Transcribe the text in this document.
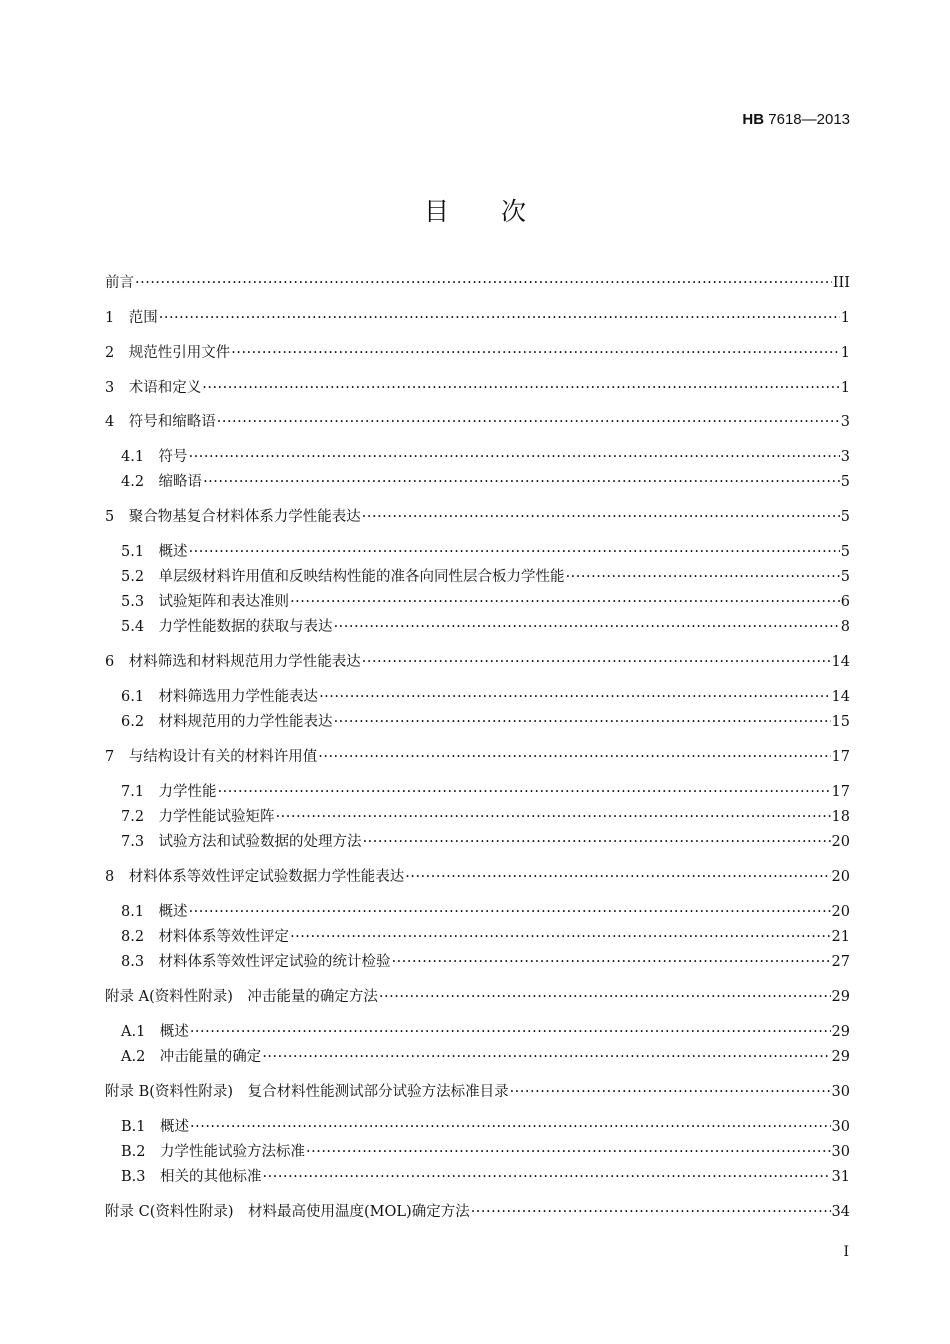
HB 7618—2013
目次
前言 ·····	III
1　范围 ·····	1
2　规范性引用文件 ·····	1
3　术语和定义 ·····	1
4　符号和缩略语 ·····	3
4.1　符号 ·····	3
4.2　缩略语 ·····	5
5　聚合物基复合材料体系力学性能表达 ·····	5
5.1　概述 ·····	5
5.2　单层级材料许用值和反映结构性能的准各向同性层合板力学性能 ·····	5
5.3　试验矩阵和表达准则 ·····	6
5.4　力学性能数据的获取与表达 ·····	8
6　材料筛选和材料规范用力学性能表达 ·····	14
6.1　材料筛选用力学性能表达 ·····	14
6.2　材料规范用的力学性能表达 ·····	15
7　与结构设计有关的材料许用值 ·····	17
7.1　力学性能 ·····	17
7.2　力学性能试验矩阵 ·····	18
7.3　试验方法和试验数据的处理方法 ·····	20
8　材料体系等效性评定试验数据力学性能表达 ·····	20
8.1　概述 ·····	20
8.2　材料体系等效性评定 ·····	21
8.3　材料体系等效性评定试验的统计检验 ·····	27
附录 A(资料性附录)　冲击能量的确定方法 ·····	29
A.1　概述 ·····	29
A.2　冲击能量的确定 ·····	29
附录 B(资料性附录)　复合材料性能测试部分试验方法标准目录 ·····	30
B.1　概述 ·····	30
B.2　力学性能试验方法标准 ·····	30
B.3　相关的其他标准 ·····	31
附录 C(资料性附录)　材料最高使用温度(MOL)确定方法 ·····	34
I
